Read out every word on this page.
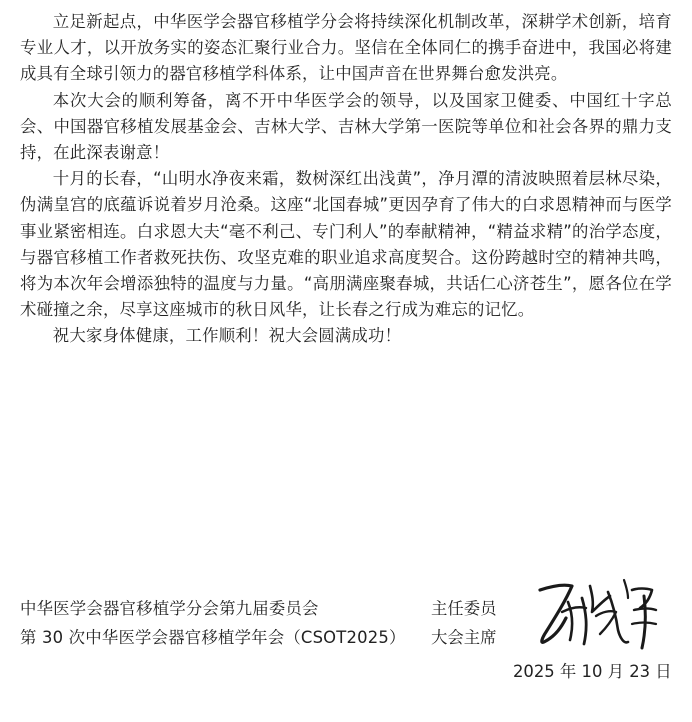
立足新起点，中华医学会器官移植学分会将持续深化机制改革，深耕学术创新，培育专业人才，以开放务实的姿态汇聚行业合力。坚信在全体同仁的携手奋进中，我国必将建成具有全球引领力的器官移植学科体系，让中国声音在世界舞台愈发洪亮。

本次大会的顺利筹备，离不开中华医学会的领导，以及国家卫健委、中国红十字总会、中国器官移植发展基金会、吉林大学、吉林大学第一医院等单位和社会各界的鼎力支持，在此深表谢意！

十月的长春，“山明水净夜来霜，数树深红出浅黄”，净月潭的清波映照着层林尽染，伪满皇宫的底蕴诉说着岁月沧桑。这座“北国春城”更因孕育了伟大的白求恩精神而与医学事业紧密相连。白求恩大夫“毫不利己、专门利人”的奉献精神，“精益求精”的治学态度，与器官移植工作者救死扶伤、攻坚克难的职业追求高度契合。这份跨越时空的精神共鸣，将为本次年会增添独特的温度与力量。“高朋满座聚春城，共话仁心济苍生”，愿各位在学术碰撞之余，尽享这座城市的秋日风华，让长春之行成为难忘的记忆。

祝大家身体健康，工作顺利！祝大会圆满成功！

中华医学会器官移植学分会第九届委员会
第 30 次中华医学会器官移植学年会（CSOT2025）
主任委员
大会主席
2025 年 10 月 23 日
